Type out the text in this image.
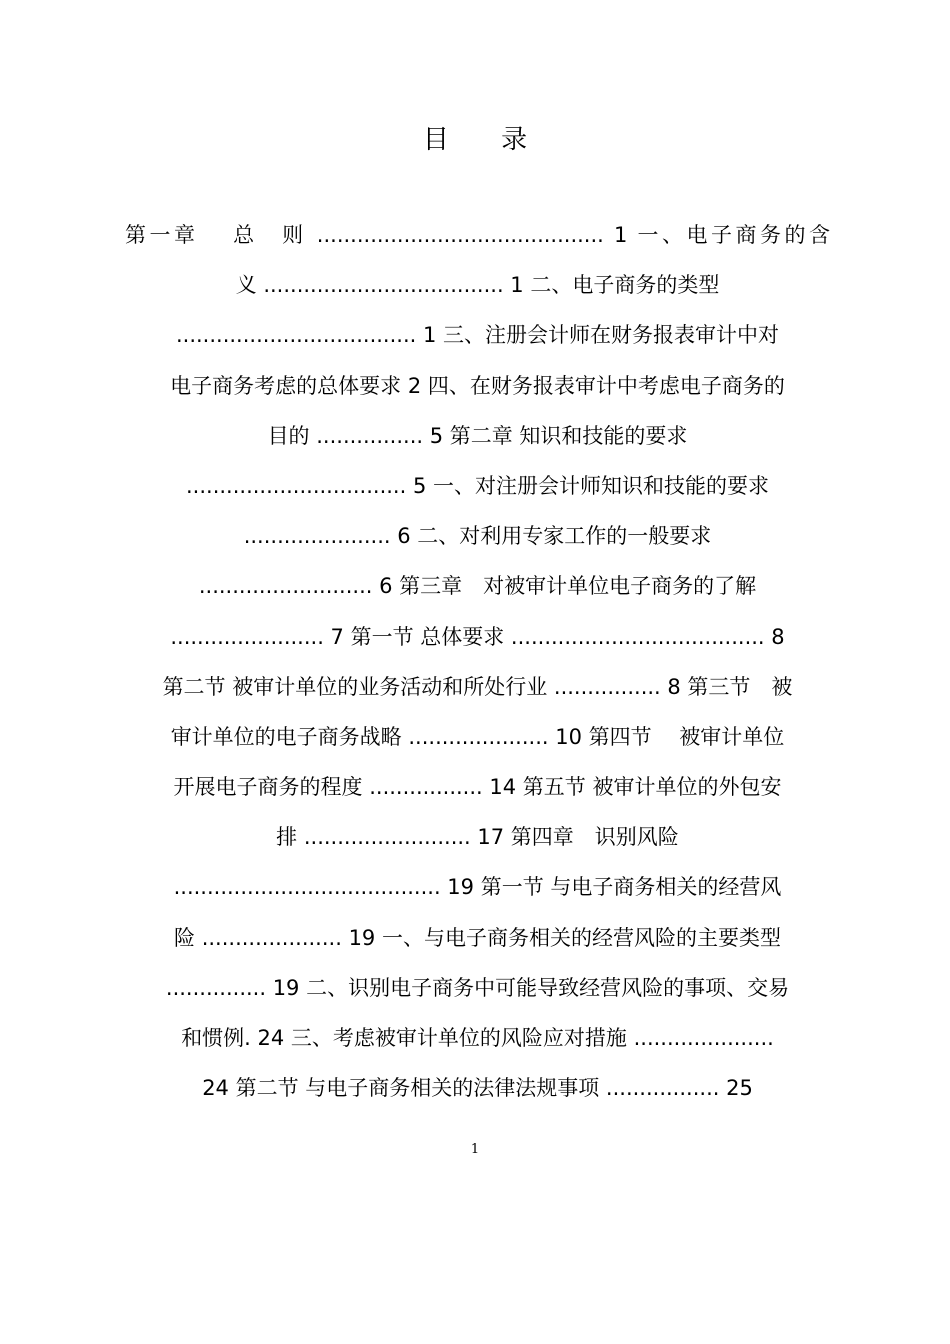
目 录
第一章　 总　则 ........................................... 1 一、电子商务的含
义 .................................... 1 二、电子商务的类型
.................................... 1 三、注册会计师在财务报表审计中对
电子商务考虑的总体要求 2 四、在财务报表审计中考虑电子商务的
目的 ................ 5 第二章 知识和技能的要求
................................. 5 一、对注册会计师知识和技能的要求
...................... 6 二、对利用专家工作的一般要求
.......................... 6 第三章　对被审计单位电子商务的了解
....................... 7 第一节 总体要求 ...................................... 8
第二节 被审计单位的业务活动和所处行业 ................ 8 第三节　被
审计单位的电子商务战略 ..................... 10 第四节　 被审计单位
开展电子商务的程度 ................. 14 第五节 被审计单位的外包安
排 ......................... 17 第四章　识别风险
........................................ 19 第一节 与电子商务相关的经营风
险 ..................... 19 一、与电子商务相关的经营风险的主要类型
............... 19 二、识别电子商务中可能导致经营风险的事项、交易
和惯例. 24 三、考虑被审计单位的风险应对措施 .....................
24 第二节 与电子商务相关的法律法规事项 ................. 25
1
